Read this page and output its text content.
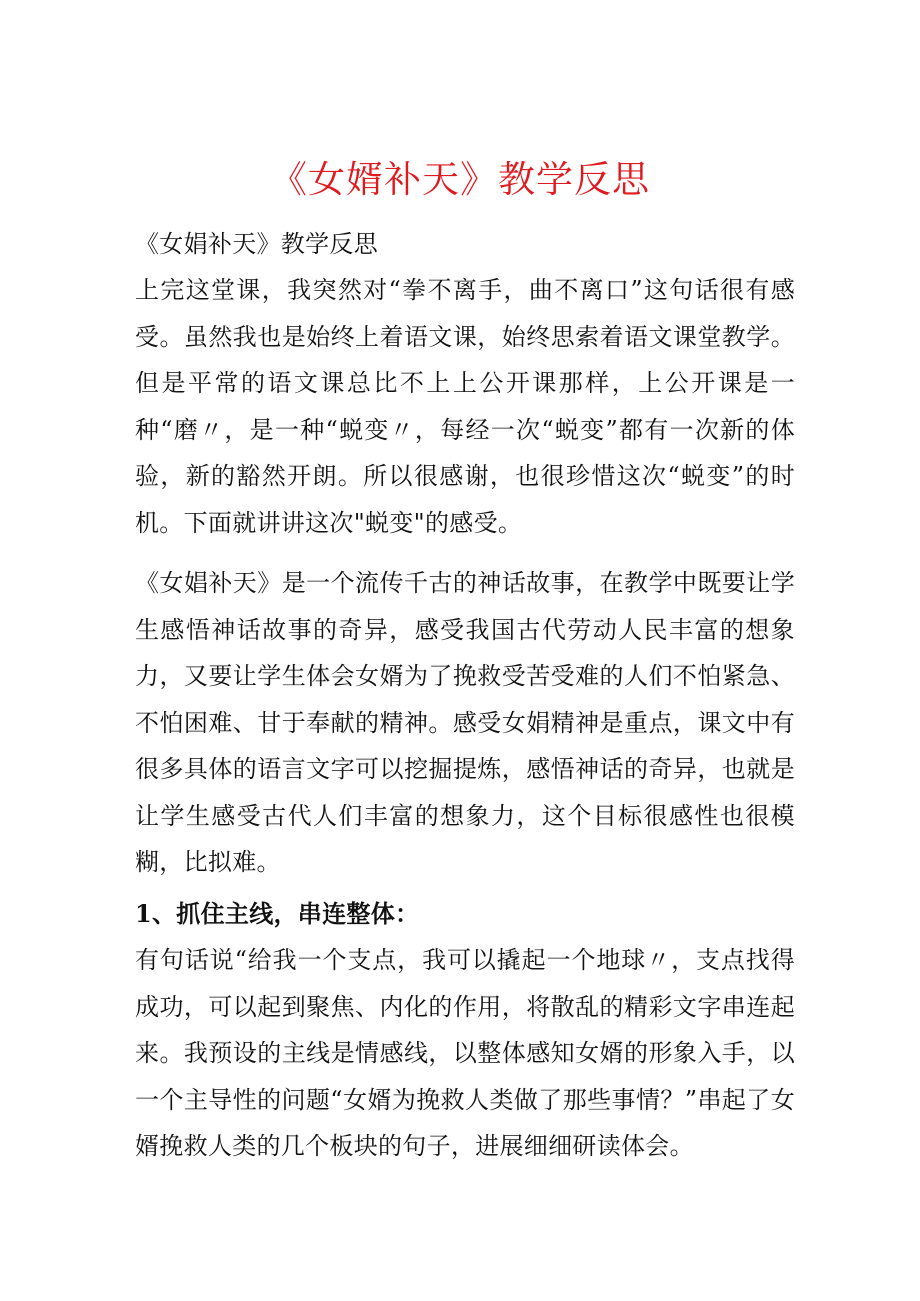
《女婿补天》教学反思

《女娟补天》教学反思

上完这堂课，我突然对“拳不离手，曲不离口”这句话很有感受。虽然我也是始终上着语文课，始终思索着语文课堂教学。但是平常的语文课总比不上上公开课那样，上公开课是一种“磨〃，是一种“蜕变〃，每经一次“蜕变”都有一次新的体验，新的豁然开朗。所以很感谢，也很珍惜这次“蜕变”的时机。下面就讲讲这次"蜕变"的感受。

《女娼补天》是一个流传千古的神话故事，在教学中既要让学生感悟神话故事的奇异，感受我国古代劳动人民丰富的想象力，又要让学生体会女婿为了挽救受苦受难的人们不怕紧急、不怕困难、甘于奉献的精神。感受女娟精神是重点，课文中有很多具体的语言文字可以挖掘提炼，感悟神话的奇异，也就是让学生感受古代人们丰富的想象力，这个目标很感性也很模糊，比拟难。

1、抓住主线，串连整体：

有句话说“给我一个支点，我可以撬起一个地球〃，支点找得成功，可以起到聚焦、内化的作用，将散乱的精彩文字串连起来。我预设的主线是情感线，以整体感知女婿的形象入手，以一个主导性的问题“女婿为挽救人类做了那些事情？”串起了女婿挽救人类的几个板块的句子，进展细细研读体会。
